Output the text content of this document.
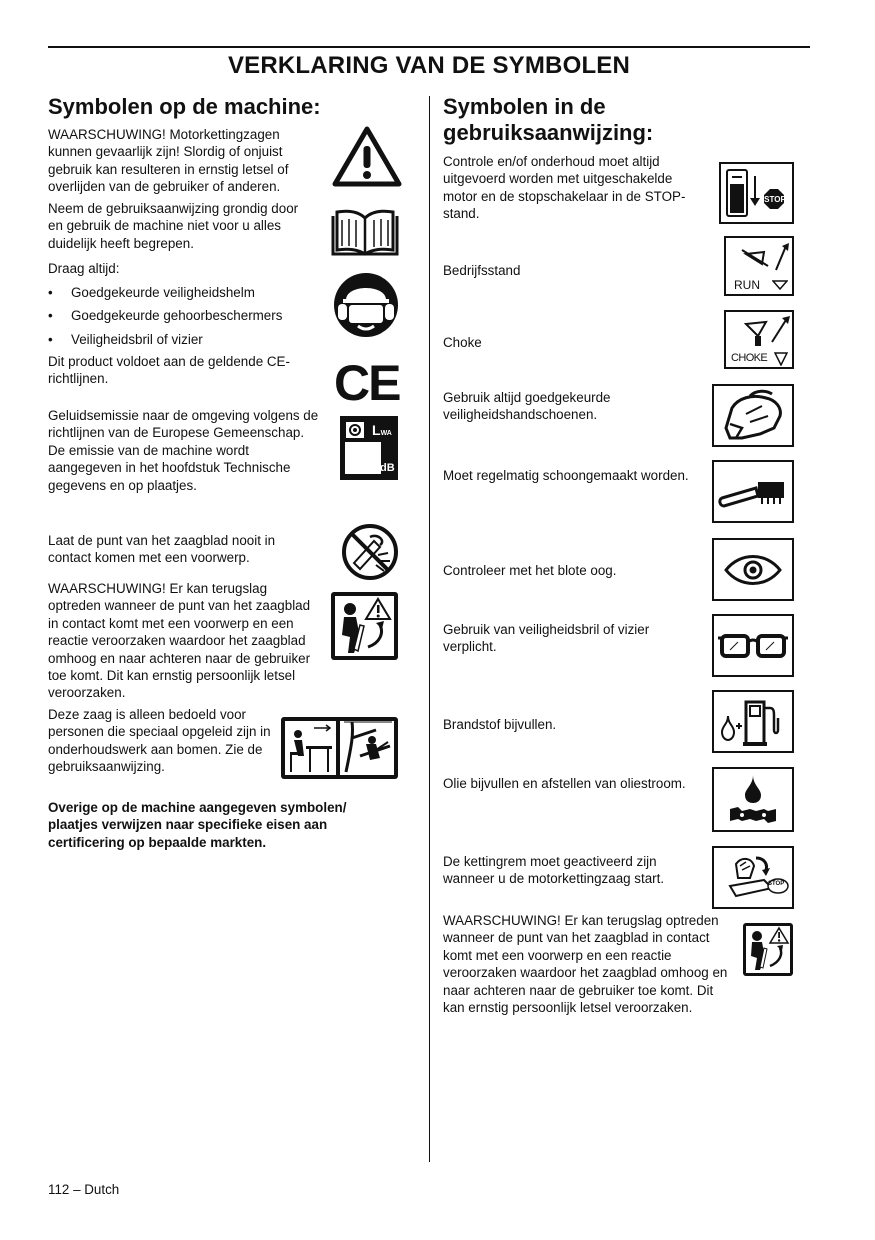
VERKLARING VAN DE SYMBOLEN
Symbolen op de machine:

WAARSCHUWING! Motorkettingzagen kunnen gevaarlijk zijn! Slordig of onjuist gebruik kan resulteren in ernstig letsel of overlijden van de gebruiker of anderen.

Neem de gebruiksaanwijzing grondig door en gebruik de machine niet voor u alles duidelijk heeft begrepen.

Draag altijd:

• Goedgekeurde veiligheidshelm
• Goedgekeurde gehoorbeschermers
• Veiligheidsbril of vizier

Dit product voldoet aan de geldende CE-richtlijnen.	CE

Geluidsemissie naar de omgeving volgens de richtlijnen van de Europese Gemeenschap. De emissie van de machine wordt aangegeven in het hoofdstuk Technische gegevens en op plaatjes.

LWA
dB

Laat de punt van het zaagblad nooit in contact komen met een voorwerp.

WAARSCHUWING! Er kan terugslag optreden wanneer de punt van het zaagblad in contact komt met een voorwerp en een reactie veroorzaken waardoor het zaagblad omhoog en naar achteren naar de gebruiker toe komt. Dit kan ernstig persoonlijk letsel veroorzaken.

Deze zaag is alleen bedoeld voor personen die speciaal opgeleid zijn in onderhoudswerk aan bomen. Zie de gebruiksaanwijzing.

Overige op de machine aangegeven symbolen/ plaatjes verwijzen naar specifieke eisen aan certificering op bepaalde markten.

Symbolen in de
gebruiksaanwijzing:

Controle en/of onderhoud moet altijd uitgevoerd worden met uitgeschakelde motor en de stopschakelaar in de STOP-stand.

STOP

Bedrijfsstand

RUN

Choke

CHOKE

Gebruik altijd goedgekeurde veiligheidshandschoenen.

Moet regelmatig schoongemaakt worden.

Controleer met het blote oog.

Gebruik van veiligheidsbril of vizier verplicht.

Brandstof bijvullen.

Olie bijvullen en afstellen van oliestroom.

De kettingrem moet geactiveerd zijn wanneer u de motorkettingzaag start.	STOP

WAARSCHUWING! Er kan terugslag optreden wanneer de punt van het zaagblad in contact komt met een voorwerp en een reactie veroorzaken waardoor het zaagblad omhoog en naar achteren naar de gebruiker toe komt. Dit kan ernstig persoonlijk letsel veroorzaken.

112 – Dutch
